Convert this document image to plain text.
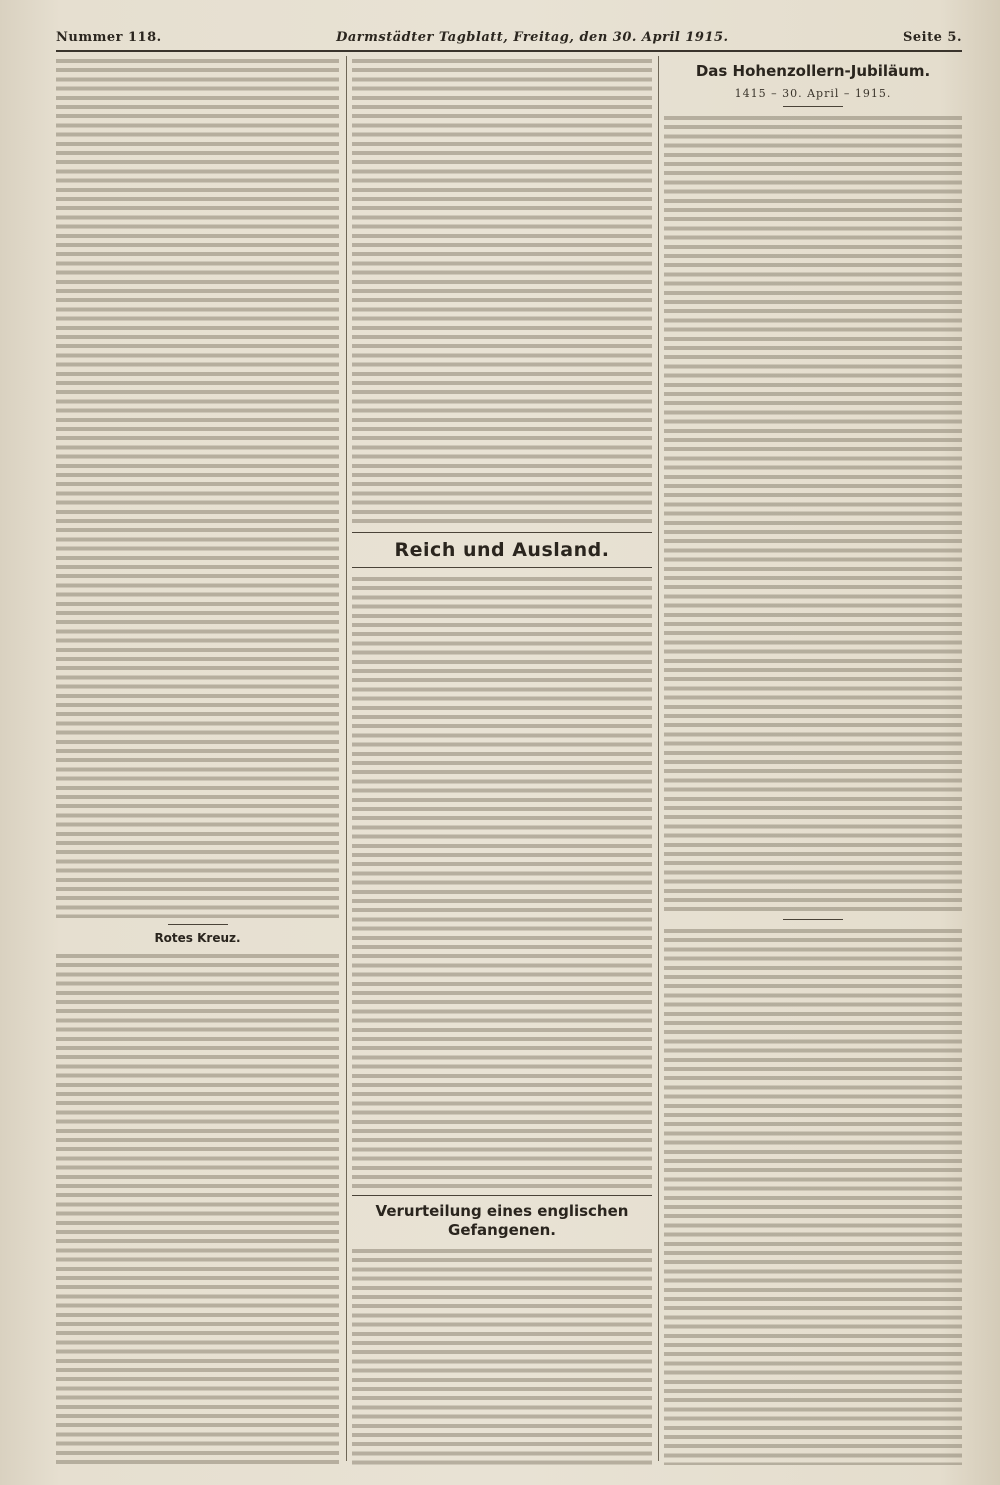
Nummer 118.	Darmstädter Tagblatt, Freitag, den 30. April 1915.	Seite 5.
Rotes Kreuz.
Reich und Ausland.
Verurteilung eines englischen Gefangenen.
Das Hohenzollern-Jubiläum.
1415 – 30. April – 1915.
